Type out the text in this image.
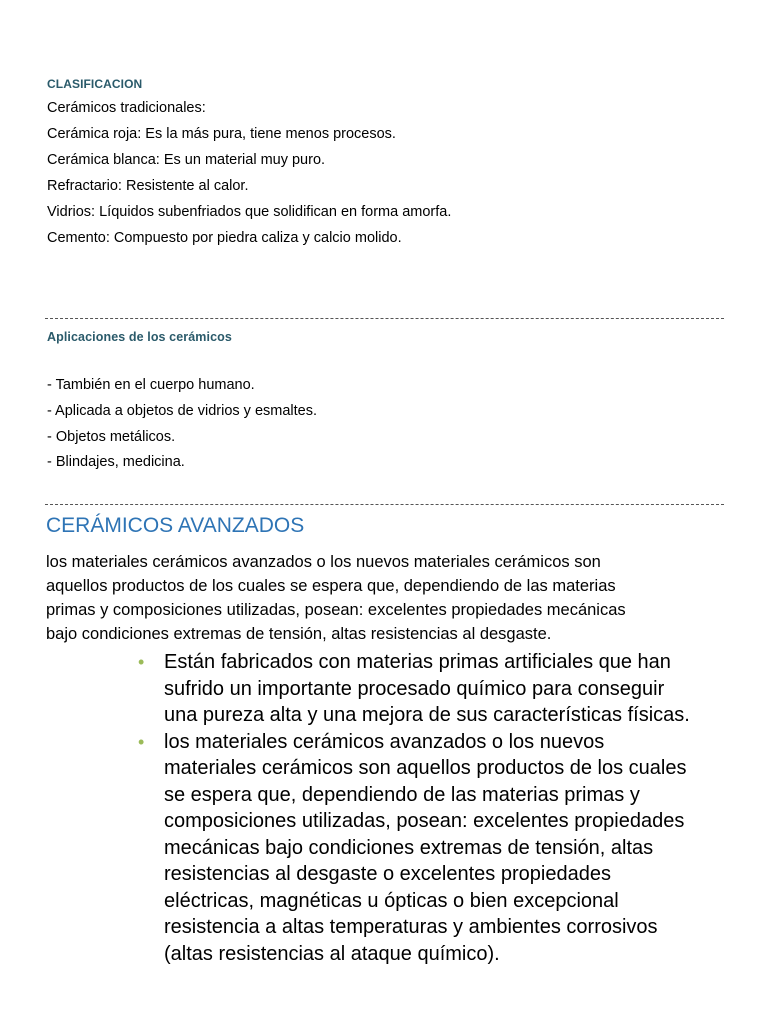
CLASIFICACION
Cerámicos tradicionales:
Cerámica roja: Es la más pura, tiene menos procesos.
Cerámica blanca: Es un material muy puro.
Refractario: Resistente al calor.
Vidrios: Líquidos subenfriados que solidifican en forma amorfa.
Cemento: Compuesto por piedra caliza y calcio molido.
Aplicaciones de los cerámicos
- También en el cuerpo humano.
- Aplicada a objetos de vidrios y esmaltes.
- Objetos metálicos.
- Blindajes, medicina.
CERÁMICOS AVANZADOS
los materiales cerámicos avanzados o los nuevos materiales cerámicos son
aquellos productos de los cuales se espera que, dependiendo de las materias
primas y composiciones utilizadas, posean: excelentes propiedades mecánicas
bajo condiciones extremas de tensión, altas resistencias al desgaste.
• Están fabricados con materias primas artificiales que han
sufrido un importante procesado químico para conseguir
una pureza alta y una mejora de sus características físicas.
• los materiales cerámicos avanzados o los nuevos
materiales cerámicos son aquellos productos de los cuales
se espera que, dependiendo de las materias primas y
composiciones utilizadas, posean: excelentes propiedades
mecánicas bajo condiciones extremas de tensión, altas
resistencias al desgaste o excelentes propiedades
eléctricas, magnéticas u ópticas o bien excepcional
resistencia a altas temperaturas y ambientes corrosivos
(altas resistencias al ataque químico).
